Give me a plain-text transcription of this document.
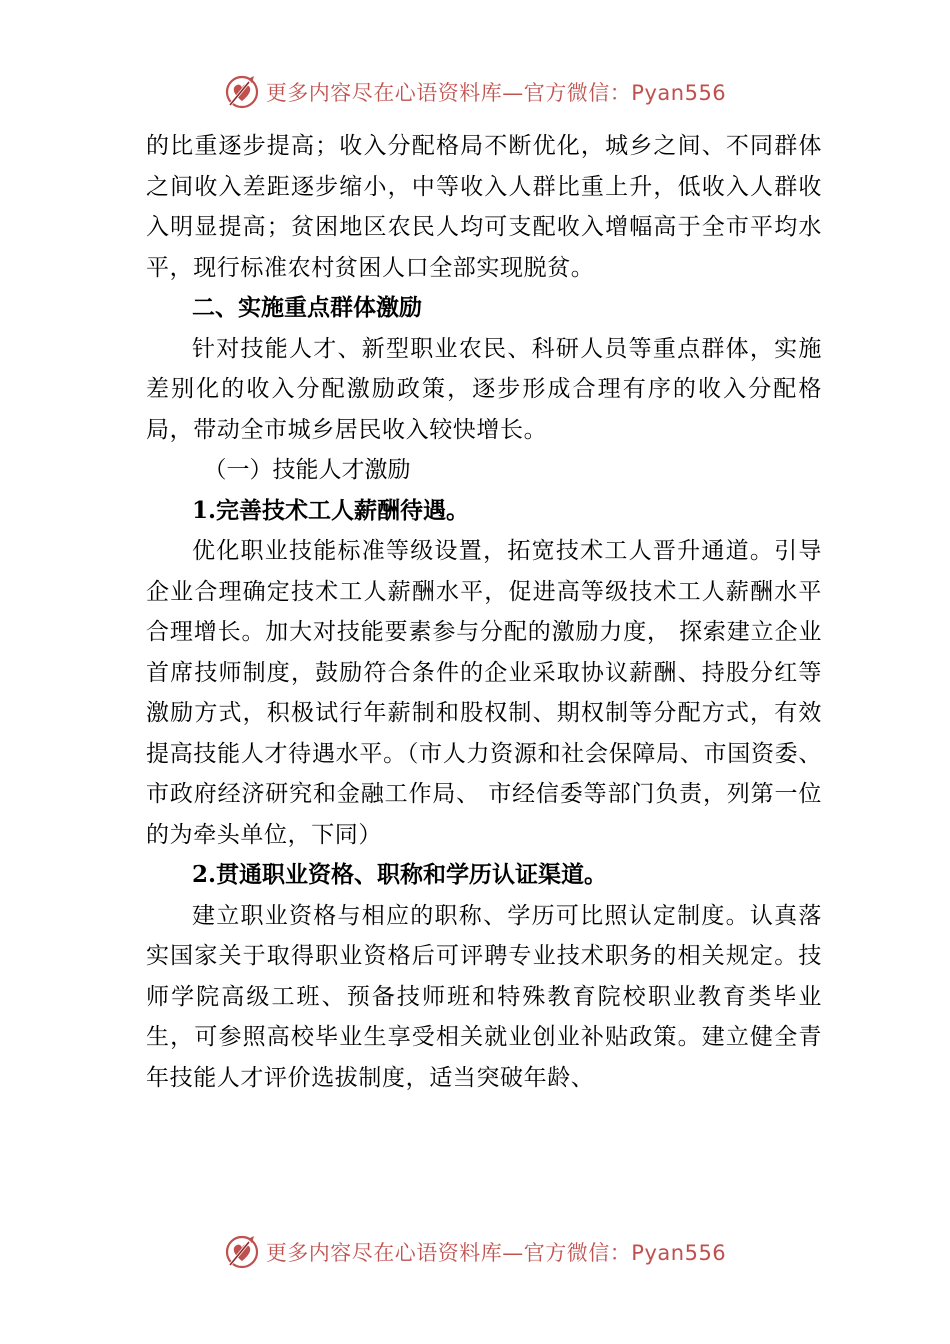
更多内容尽在心语资料库—官方微信：Pyan556

的比重逐步提高；收入分配格局不断优化，城乡之间、不同群体之间收入差距逐步缩小，中等收入人群比重上升，低收入人群收入明显提高；贫困地区农民人均可支配收入增幅高于全市平均水平，现行标准农村贫困人口全部实现脱贫。

二、实施重点群体激励

针对技能人才、新型职业农民、科研人员等重点群体，实施差别化的收入分配激励政策，逐步形成合理有序的收入分配格局，带动全市城乡居民收入较快增长。

（一）技能人才激励

1.完善技术工人薪酬待遇。

优化职业技能标准等级设置，拓宽技术工人晋升通道。引导企业合理确定技术工人薪酬水平，促进高等级技术工人薪酬水平合理增长。加大对技能要素参与分配的激励力度， 探索建立企业首席技师制度，鼓励符合条件的企业采取协议薪酬、持股分红等激励方式，积极试行年薪制和股权制、期权制等分配方式，有效提高技能人才待遇水平。（市人力资源和社会保障局、市国资委、市政府经济研究和金融工作局、 市经信委等部门负责，列第一位的为牵头单位，下同）

2.贯通职业资格、职称和学历认证渠道。

建立职业资格与相应的职称、学历可比照认定制度。认真落实国家关于取得职业资格后可评聘专业技术职务的相关规定。技师学院高级工班、预备技师班和特殊教育院校职业教育类毕业生，可参照高校毕业生享受相关就业创业补贴政策。建立健全青年技能人才评价选拔制度，适当突破年龄、

更多内容尽在心语资料库—官方微信：Pyan556
